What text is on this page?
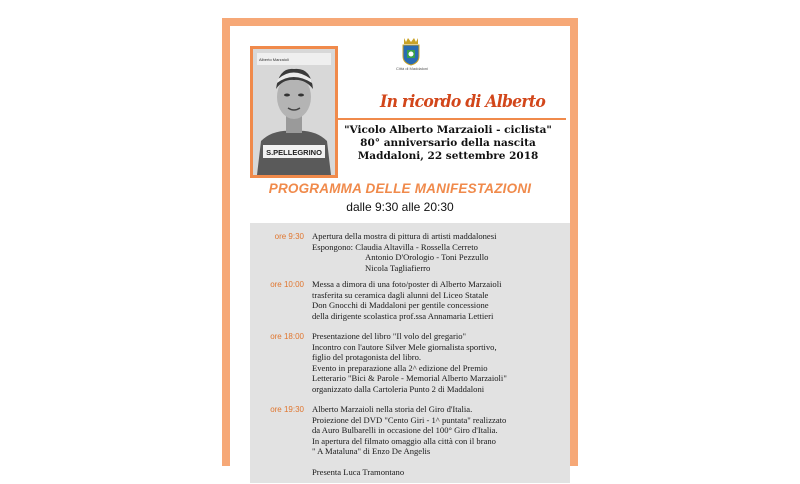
Alberto Marzaioli
S.PELLEGRINO
Città di Maddaloni
In ricordo di Alberto
"Vicolo Alberto Marzaioli - ciclista"
80° anniversario della nascita
Maddaloni, 22 settembre 2018
PROGRAMMA DELLE MANIFESTAZIONI
dalle 9:30 alle 20:30
ore 9:30 Apertura della mostra di pittura di artisti maddalonesi
Espongono: Claudia Altavilla - Rossella Cerreto
Antonio D'Orologio - Toni Pezzullo
Nicola Tagliafierro
ore 10:00 Messa a dimora di una foto/poster di Alberto Marzaioli
trasferita su ceramica dagli alunni del Liceo Statale
Don Gnocchi di Maddaloni per gentile concessione
della dirigente scolastica prof.ssa Annamaria Lettieri
ore 18:00 Presentazione del libro "Il volo del gregario"
Incontro con l'autore Silver Mele giornalista sportivo,
figlio del protagonista del libro.
Evento in preparazione alla 2^ edizione del Premio
Letterario "Bici & Parole - Memorial Alberto Marzaioli"
organizzato dalla Cartoleria Punto 2 di Maddaloni
ore 19:30 Alberto Marzaioli nella storia del Giro d'Italia.
Proiezione del DVD "Cento Giri - 1^ puntata" realizzato
da Auro Bulbarelli in occasione del 100° Giro d'Italia.
In apertura del filmato omaggio alla città con il brano
" A Mataluna" di Enzo De Angelis
Presenta Luca Tramontano
